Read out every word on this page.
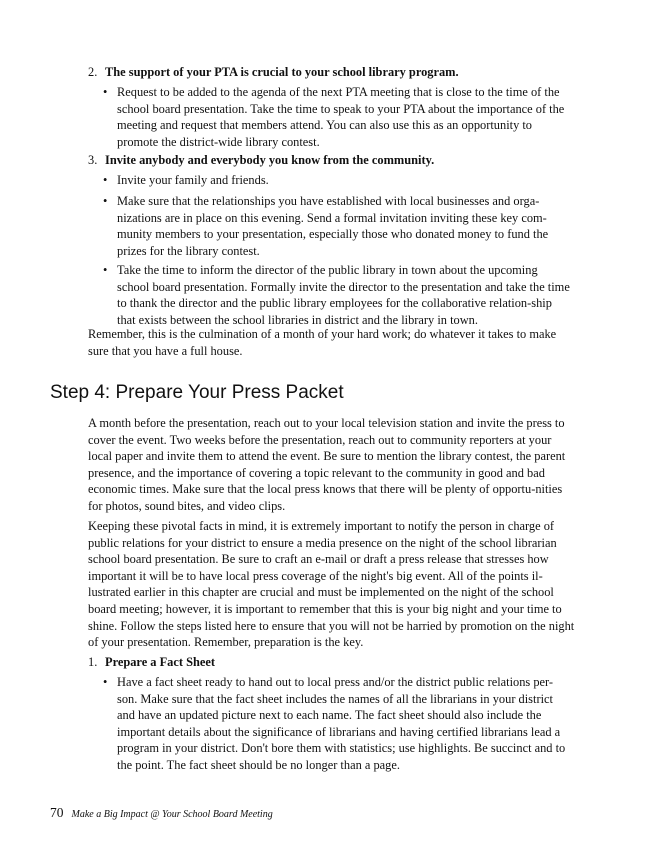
2. The support of your PTA is crucial to your school library program.
• Request to be added to the agenda of the next PTA meeting that is close to the time of the school board presentation. Take the time to speak to your PTA about the importance of the meeting and request that members attend. You can also use this as an opportunity to promote the district-wide library contest.
3. Invite anybody and everybody you know from the community.
• Invite your family and friends.
• Make sure that the relationships you have established with local businesses and orga-nizations are in place on this evening. Send a formal invitation inviting these key com-munity members to your presentation, especially those who donated money to fund the prizes for the library contest.
• Take the time to inform the director of the public library in town about the upcoming school board presentation. Formally invite the director to the presentation and take the time to thank the director and the public library employees for the collaborative relation-ship that exists between the school libraries in district and the library in town.

Remember, this is the culmination of a month of your hard work; do whatever it takes to make sure that you have a full house.

Step 4: Prepare Your Press Packet

A month before the presentation, reach out to your local television station and invite the press to cover the event. Two weeks before the presentation, reach out to community reporters at your local paper and invite them to attend the event. Be sure to mention the library contest, the parent presence, and the importance of covering a topic relevant to the community in good and bad economic times. Make sure that the local press knows that there will be plenty of opportu-nities for photos, sound bites, and video clips.

Keeping these pivotal facts in mind, it is extremely important to notify the person in charge of public relations for your district to ensure a media presence on the night of the school librarian school board presentation. Be sure to craft an e-mail or draft a press release that stresses how important it will be to have local press coverage of the night's big event. All of the points il-lustrated earlier in this chapter are crucial and must be implemented on the night of the school board meeting; however, it is important to remember that this is your big night and your time to shine. Follow the steps listed here to ensure that you will not be harried by promotion on the night of your presentation. Remember, preparation is the key.

1. Prepare a Fact Sheet
• Have a fact sheet ready to hand out to local press and/or the district public relations per-son. Make sure that the fact sheet includes the names of all the librarians in your district and have an updated picture next to each name. The fact sheet should also include the important details about the significance of librarians and having certified librarians lead a program in your district. Don't bore them with statistics; use highlights. Be succinct and to the point. The fact sheet should be no longer than a page.
70 Make a Big Impact @ Your School Board Meeting
